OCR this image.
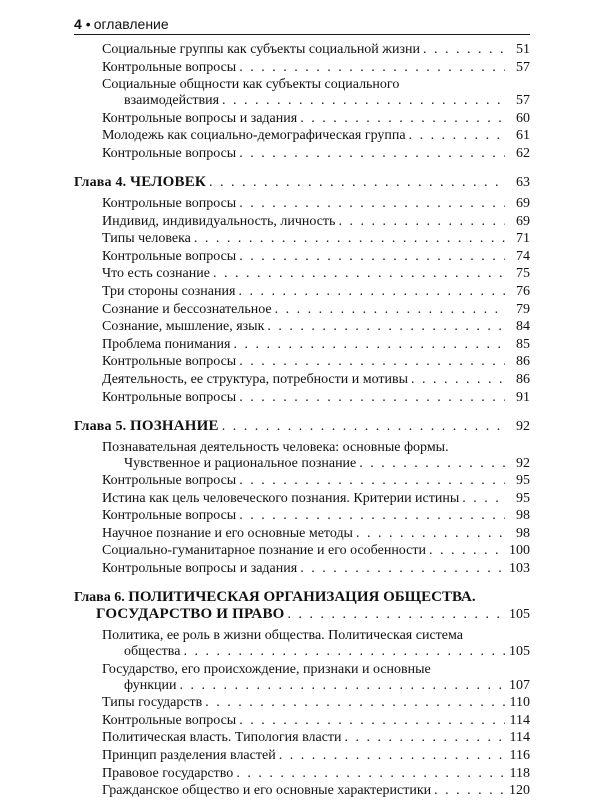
4 • оглавление
Социальные группы как субъекты социальной жизни . . .	51
Контрольные вопросы . . .	57
Социальные общности как субъекты социального
взаимодействия . . .	57
Контрольные вопросы и задания . . .	60
Молодежь как социально-демографическая группа . . .	61
Контрольные вопросы . . .	62
Глава 4. ЧЕЛОВЕК . . .	63
Контрольные вопросы . . .	69
Индивид, индивидуальность, личность . . .	69
Типы человека . . .	71
Контрольные вопросы . . .	74
Что есть сознание . . .	75
Три стороны сознания . . .	76
Сознание и бессознательное . . .	79
Сознание, мышление, язык . . .	84
Проблема понимания . . .	85
Контрольные вопросы . . .	86
Деятельность, ее структура, потребности и мотивы . . .	86
Контрольные вопросы . . .	91
Глава 5. ПОЗНАНИЕ . . .	92
Познавательная деятельность человека: основные формы.
Чувственное и рациональное познание . . .	92
Контрольные вопросы . . .	95
Истина как цель человеческого познания. Критерии истины . . .	95
Контрольные вопросы . . .	98
Научное познание и его основные методы . . .	98
Социально-гуманитарное познание и его особенности . . .	100
Контрольные вопросы и задания . . .	103
Глава 6. ПОЛИТИЧЕСКАЯ ОРГАНИЗАЦИЯ ОБЩЕСТВА.
ГОСУДАРСТВО И ПРАВО . . .	105
Политика, ее роль в жизни общества. Политическая система
общества . . .	105
Государство, его происхождение, признаки и основные
функции . . .	107
Типы государств . . .	110
Контрольные вопросы . . .	114
Политическая власть. Типология власти . . .	114
Принцип разделения властей . . .	116
Правовое государство . . .	118
Гражданское общество и его основные характеристики . . .	120
